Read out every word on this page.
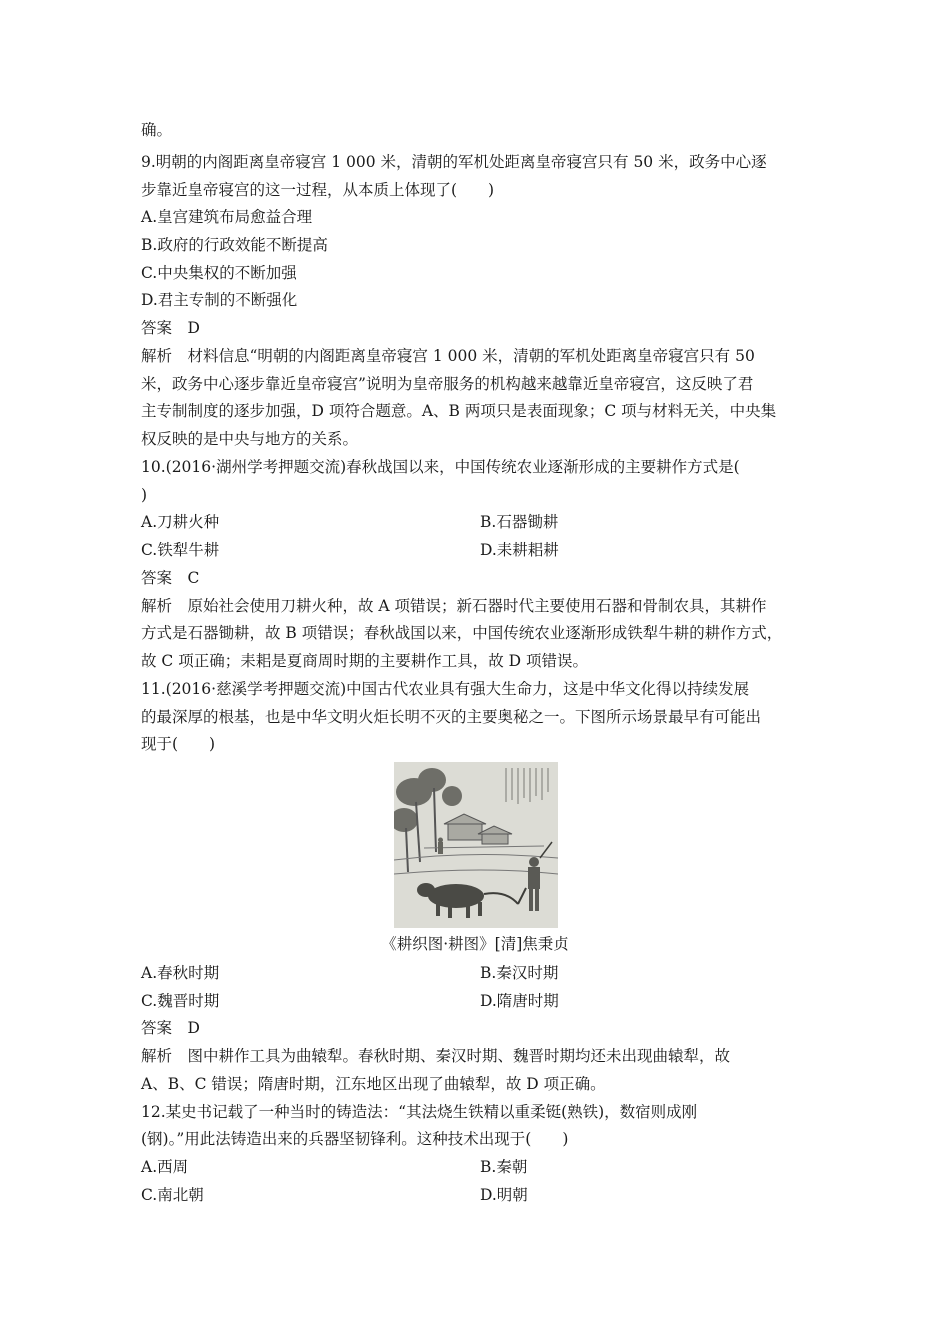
确。
9.明朝的内阁距离皇帝寝宫 1 000 米，清朝的军机处距离皇帝寝宫只有 50 米，政务中心逐
步靠近皇帝寝宫的这一过程，从本质上体现了(　　)
A.皇宫建筑布局愈益合理
B.政府的行政效能不断提高
C.中央集权的不断加强
D.君主专制的不断强化
答案　D
解析　材料信息“明朝的内阁距离皇帝寝宫 1 000 米，清朝的军机处距离皇帝寝宫只有 50
米，政务中心逐步靠近皇帝寝宫”说明为皇帝服务的机构越来越靠近皇帝寝宫，这反映了君
主专制制度的逐步加强，D 项符合题意。A、B 两项只是表面现象；C 项与材料无关，中央集
权反映的是中央与地方的关系。
10.(2016·湖州学考押题交流)春秋战国以来，中国传统农业逐渐形成的主要耕作方式是(
)
A.刀耕火种	B.石器锄耕
C.铁犁牛耕	D.耒耕耜耕
答案　C
解析　原始社会使用刀耕火种，故 A 项错误；新石器时代主要使用石器和骨制农具，其耕作
方式是石器锄耕，故 B 项错误；春秋战国以来，中国传统农业逐渐形成铁犁牛耕的耕作方式，
故 C 项正确；耒耜是夏商周时期的主要耕作工具，故 D 项错误。
11.(2016·慈溪学考押题交流)中国古代农业具有强大生命力，这是中华文化得以持续发展
的最深厚的根基，也是中华文明火炬长明不灭的主要奥秘之一。下图所示场景最早有可能出
现于(　　)
《耕织图·耕图》[清]焦秉贞
A.春秋时期	B.秦汉时期
C.魏晋时期	D.隋唐时期
答案　D
解析　图中耕作工具为曲辕犁。春秋时期、秦汉时期、魏晋时期均还未出现曲辕犁，故
A、B、C 错误；隋唐时期，江东地区出现了曲辕犁，故 D 项正确。
12.某史书记载了一种当时的铸造法：“其法烧生铁精以重柔铤(熟铁)，数宿则成刚
(钢)。”用此法铸造出来的兵器坚韧锋利。这种技术出现于(　　)
A.西周	B.秦朝
C.南北朝	D.明朝
